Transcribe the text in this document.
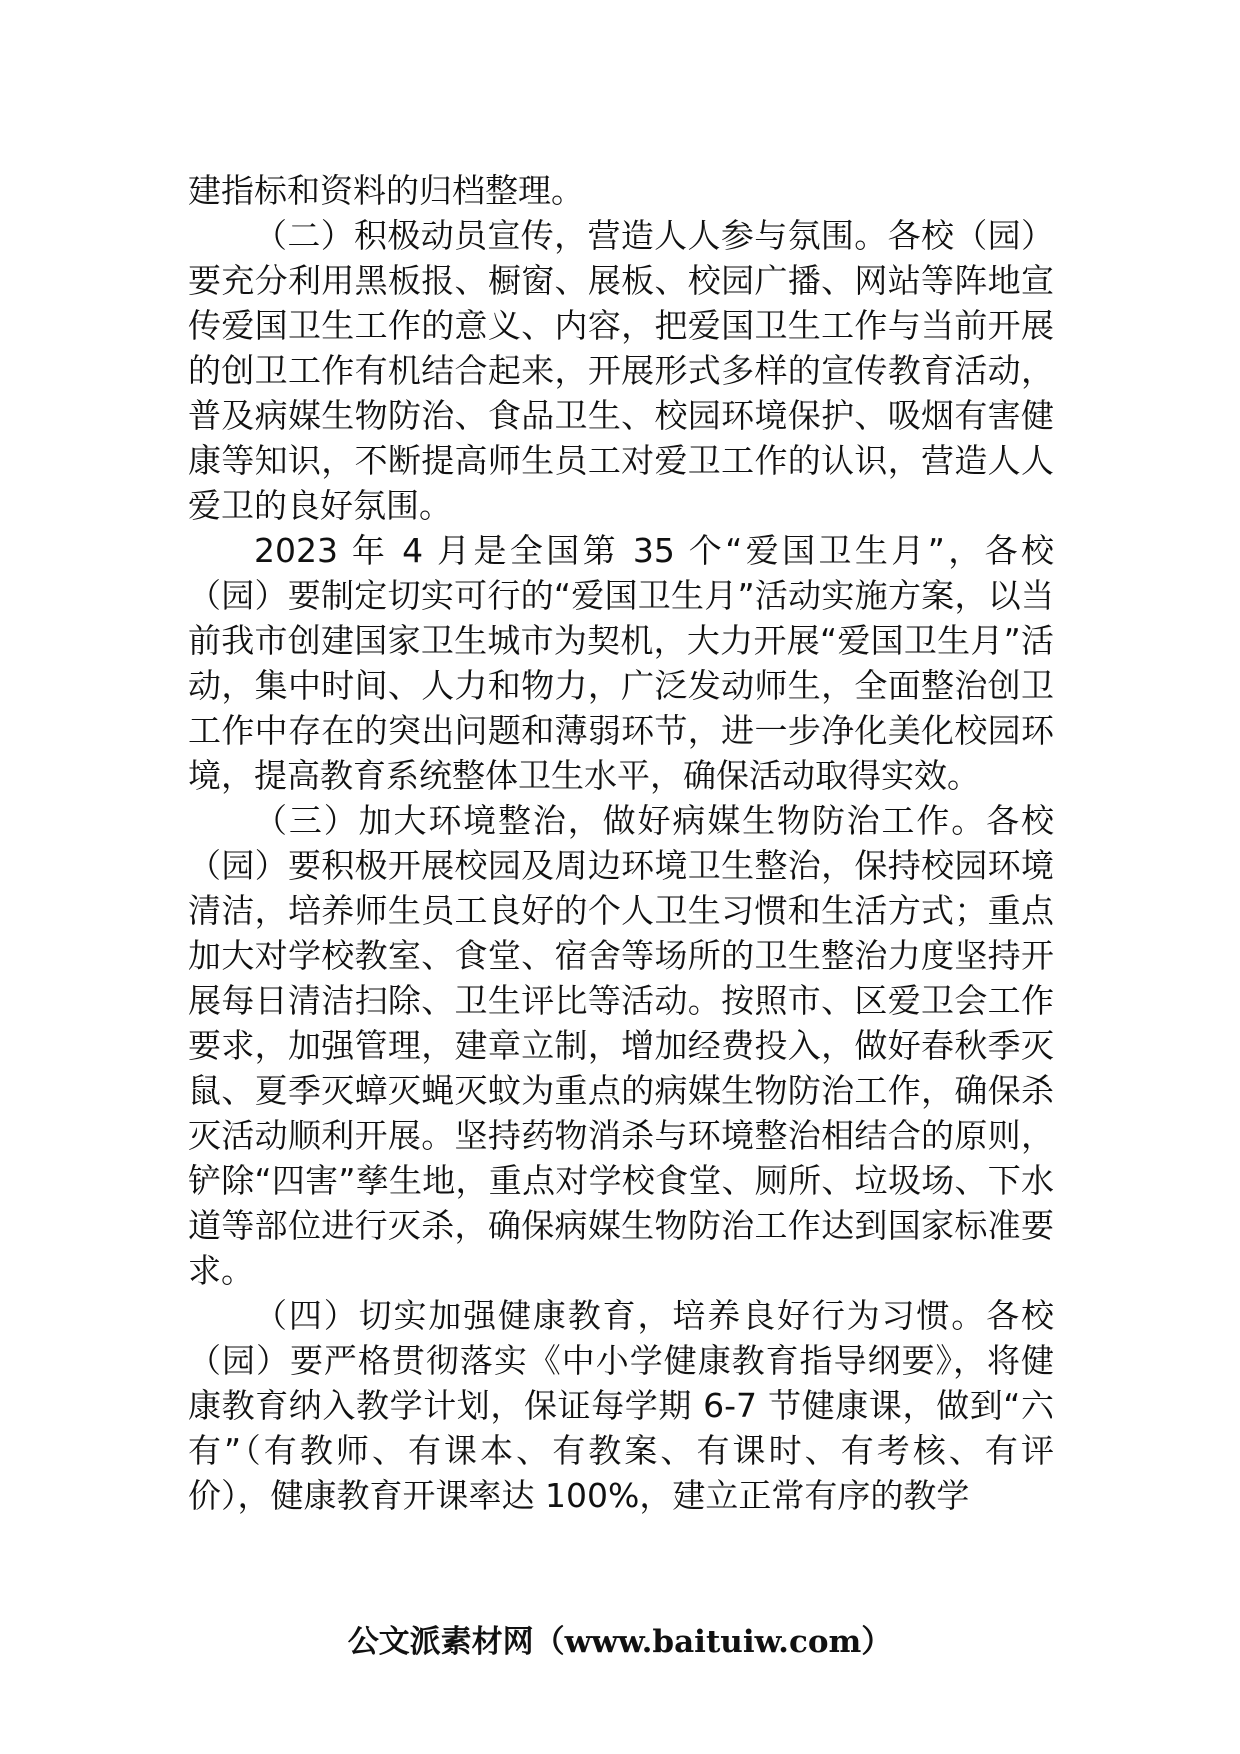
建指标和资料的归档整理。

（二）积极动员宣传，营造人人参与氛围。各校（园）要充分利用黑板报、橱窗、展板、校园广播、网站等阵地宣传爱国卫生工作的意义、内容，把爱国卫生工作与当前开展的创卫工作有机结合起来，开展形式多样的宣传教育活动，普及病媒生物防治、食品卫生、校园环境保护、吸烟有害健康等知识，不断提高师生员工对爱卫工作的认识，营造人人爱卫的良好氛围。

2023 年 4 月是全国第 35 个“爱国卫生月”，各校（园）要制定切实可行的“爱国卫生月”活动实施方案，以当前我市创建国家卫生城市为契机，大力开展“爱国卫生月”活动，集中时间、人力和物力，广泛发动师生，全面整治创卫工作中存在的突出问题和薄弱环节，进一步净化美化校园环境，提高教育系统整体卫生水平，确保活动取得实效。

（三）加大环境整治，做好病媒生物防治工作。各校（园）要积极开展校园及周边环境卫生整治，保持校园环境清洁，培养师生员工良好的个人卫生习惯和生活方式；重点加大对学校教室、食堂、宿舍等场所的卫生整治力度坚持开展每日清洁扫除、卫生评比等活动。按照市、区爱卫会工作要求，加强管理，建章立制，增加经费投入，做好春秋季灭鼠、夏季灭蟑灭蝇灭蚊为重点的病媒生物防治工作，确保杀灭活动顺利开展。坚持药物消杀与环境整治相结合的原则，铲除“四害”孳生地，重点对学校食堂、厕所、垃圾场、下水道等部位进行灭杀，确保病媒生物防治工作达到国家标准要求。

（四）切实加强健康教育，培养良好行为习惯。各校（园）要严格贯彻落实《中小学健康教育指导纲要》，将健康教育纳入教学计划，保证每学期 6-7 节健康课，做到“六有”（有教师、有课本、有教案、有课时、有考核、有评价），健康教育开课率达 100%，建立正常有序的教学

公文派素材网（www.baituiw.com）
